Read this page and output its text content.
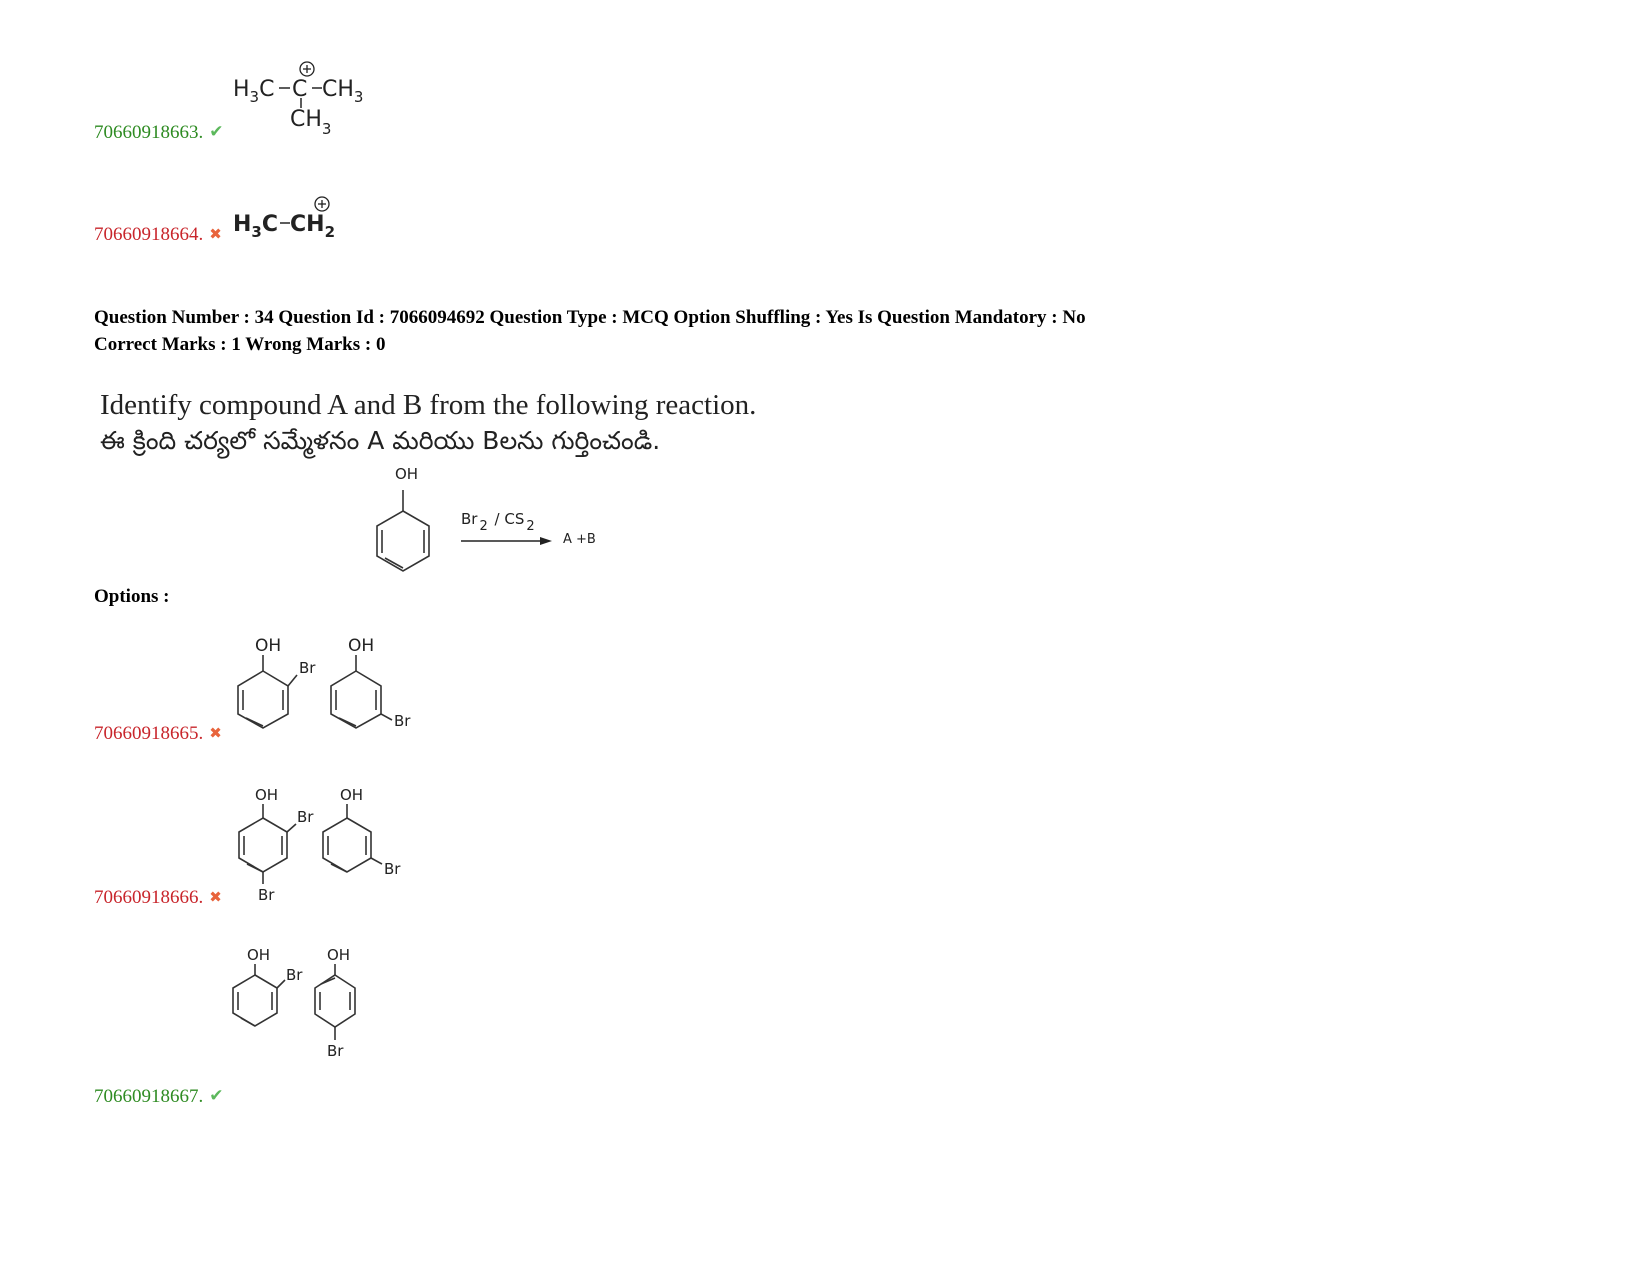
$H_3C$ C $CH_3$
$CH_3$
70660918663. ✔
$H_3C$ $CH_2$
70660918664. ✖
Question Number : 34 Question Id : 7066094692 Question Type : MCQ Option Shuffling : Yes Is Question Mandatory : No
Correct Marks : 1 Wrong Marks : 0
Identify compound A and B from the following reaction.
ఈ క్రింది చర్యలో సమ్మేళనం A మరియు Bలను గుర్తించండి.
OH
Br 2 / CS 2
A +B
Options :
OH
Br
OH
Br
70660918665. ✖
OH
Br
Br
OH
Br
70660918666. ✖
OH
Br
OH
Br
70660918667. ✔
